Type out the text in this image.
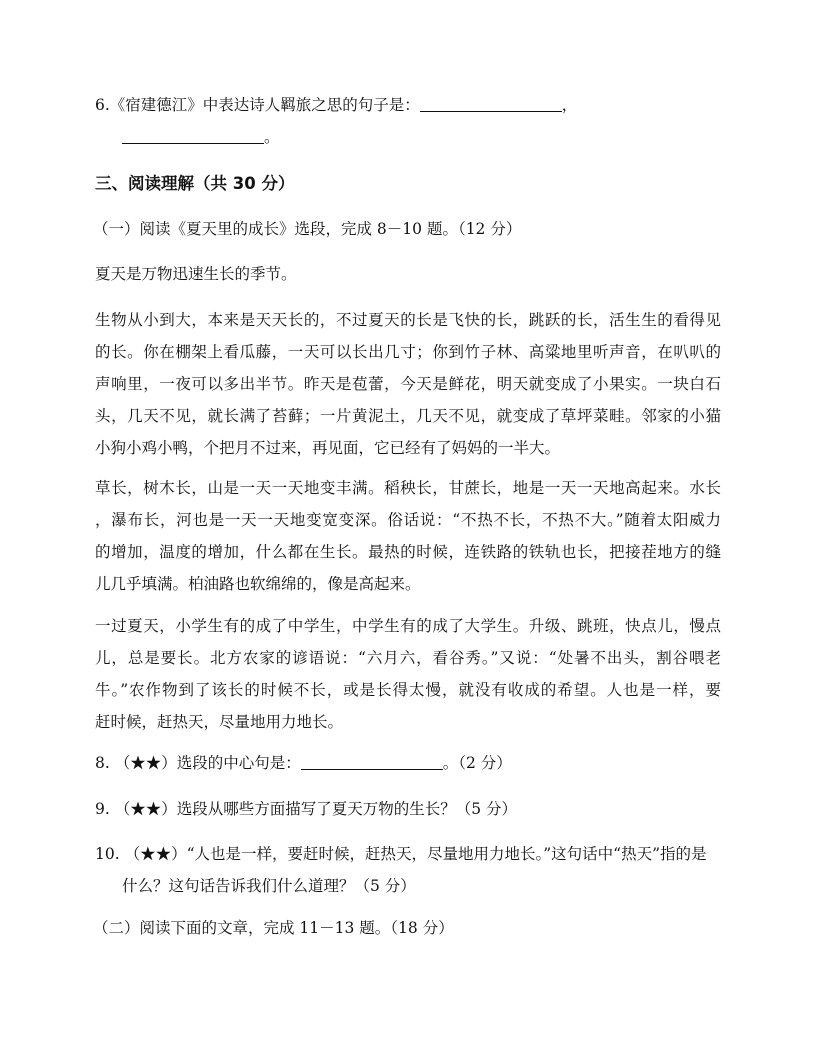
6.《宿建德江》中表达诗人羁旅之思的句子是：	，
。
三、阅读理解（共 30 分）
（一）阅读《夏天里的成长》选段，完成 8－10 题。（12 分）
夏天是万物迅速生长的季节。
生物从小到大，本来是天天长的，不过夏天的长是飞快的长，跳跃的长，活生生的看得见
的长。你在棚架上看瓜藤，一天可以长出几寸；你到竹子林、高粱地里听声音，在叭叭的
声响里，一夜可以多出半节。昨天是苞蕾，今天是鲜花，明天就变成了小果实。一块白石
头，几天不见，就长满了苔藓；一片黄泥土，几天不见，就变成了草坪菜畦。邻家的小猫
小狗小鸡小鸭，个把月不过来，再见面，它已经有了妈妈的一半大。
草长，树木长，山是一天一天地变丰满。稻秧长，甘蔗长，地是一天一天地高起来。水长
，瀑布长，河也是一天一天地变宽变深。俗话说：“不热不长，不热不大。”随着太阳威力
的增加，温度的增加，什么都在生长。最热的时候，连铁路的铁轨也长，把接茬地方的缝
儿几乎填满。柏油路也软绵绵的，像是高起来。
一过夏天，小学生有的成了中学生，中学生有的成了大学生。升级、跳班，快点儿，慢点
儿，总是要长。北方农家的谚语说：“六月六，看谷秀。”又说：“处暑不出头，割谷喂老
牛。”农作物到了该长的时候不长，或是长得太慢，就没有收成的希望。人也是一样，要
赶时候，赶热天，尽量地用力地长。
8. （★★）选段的中心句是：	。（2 分）
9. （★★）选段从哪些方面描写了夏天万物的生长？（5 分）
10. （★★）“人也是一样，要赶时候，赶热天，尽量地用力地长。”这句话中“热天”指的是
什么？这句话告诉我们什么道理？（5 分）
（二）阅读下面的文章，完成 11－13 题。（18 分）
